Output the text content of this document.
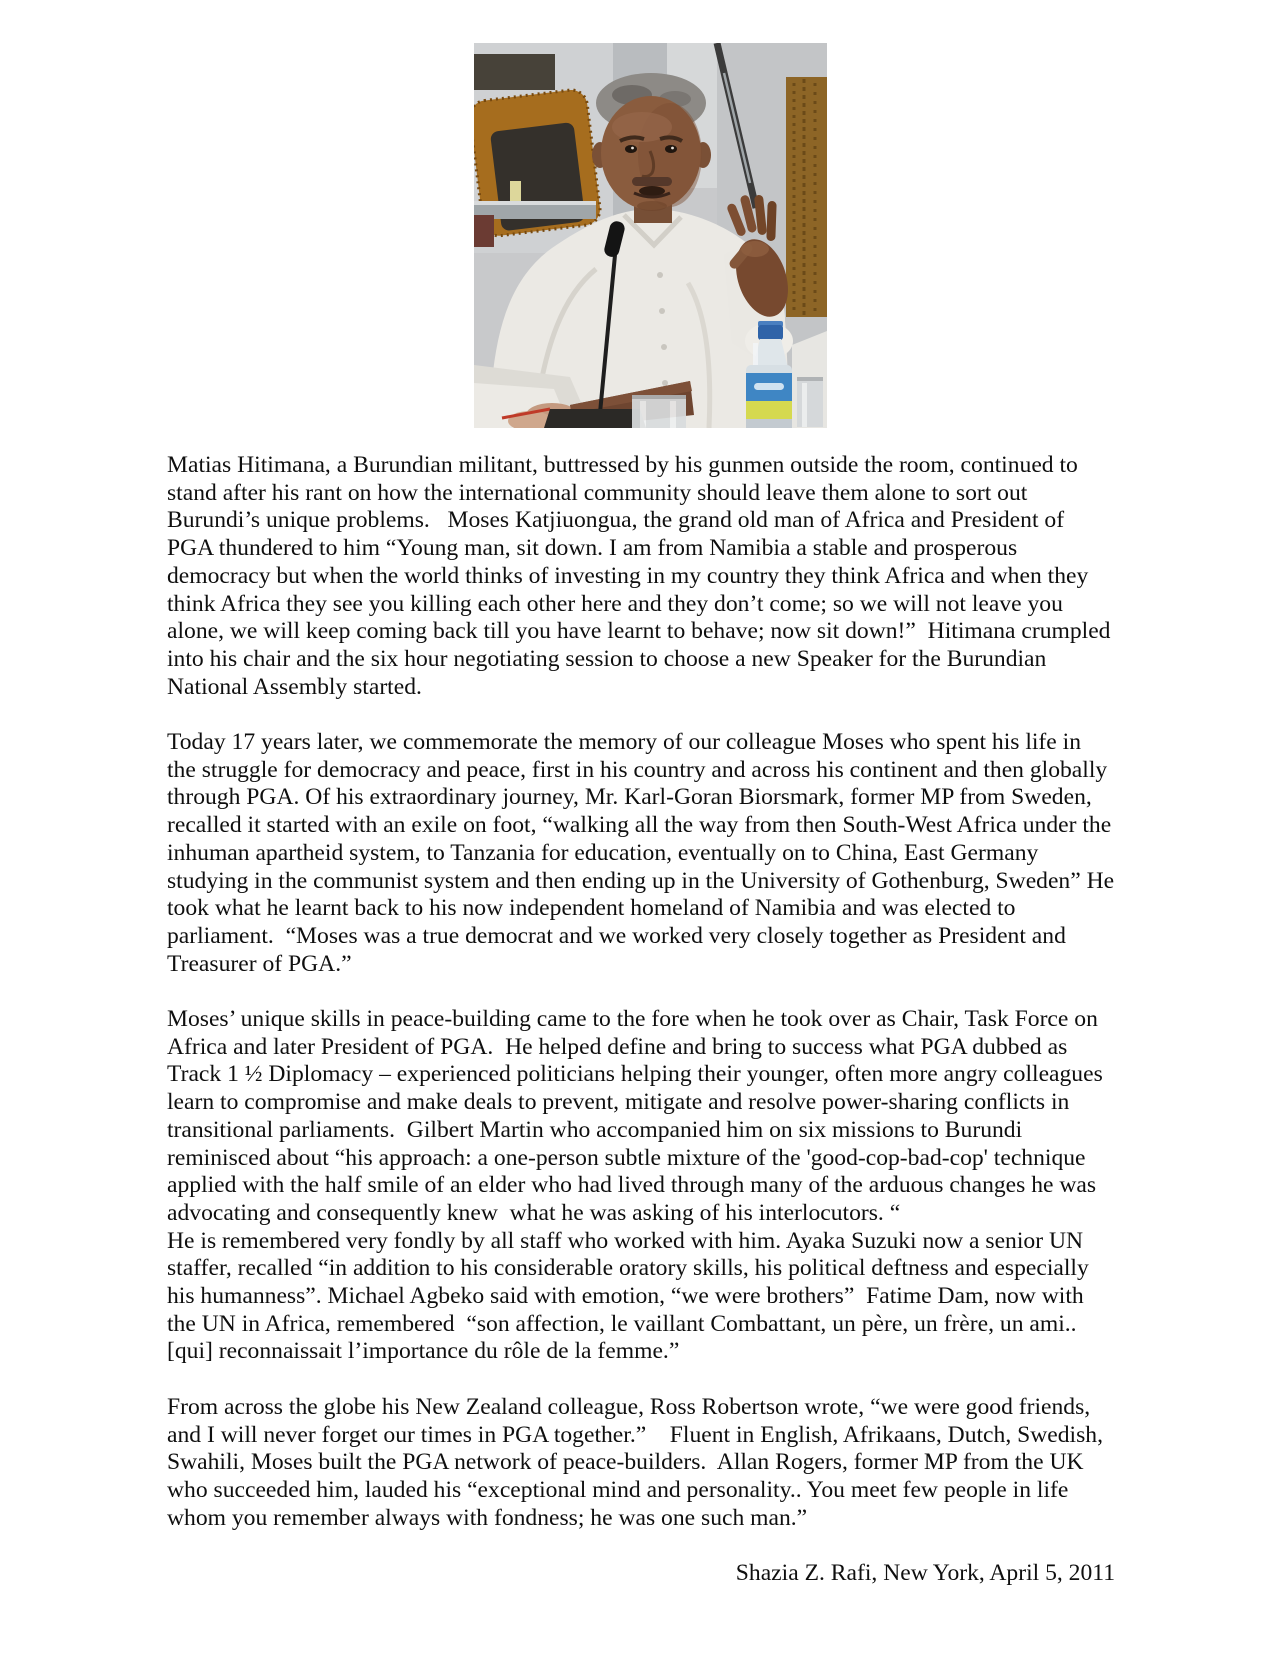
Matias Hitimana, a Burundian militant, buttressed by his gunmen outside the room, continued to stand after his rant on how the international community should leave them alone to sort out Burundi’s unique problems.   Moses Katjiuongua, the grand old man of Africa and President of PGA thundered to him “Young man, sit down. I am from Namibia a stable and prosperous democracy but when the world thinks of investing in my country they think Africa and when they think Africa they see you killing each other here and they don’t come; so we will not leave you alone, we will keep coming back till you have learnt to behave; now sit down!”  Hitimana crumpled into his chair and the six hour negotiating session to choose a new Speaker for the Burundian National Assembly started.

Today 17 years later, we commemorate the memory of our colleague Moses who spent his life in the struggle for democracy and peace, first in his country and across his continent and then globally through PGA. Of his extraordinary journey, Mr. Karl-Goran Biorsmark, former MP from Sweden, recalled it started with an exile on foot, “walking all the way from then South-West Africa under the inhuman apartheid system, to Tanzania for education, eventually on to China, East Germany studying in the communist system and then ending up in the University of Gothenburg, Sweden” He took what he learnt back to his now independent homeland of Namibia and was elected to parliament.  “Moses was a true democrat and we worked very closely together as President and Treasurer of PGA.”

Moses’ unique skills in peace-building came to the fore when he took over as Chair, Task Force on Africa and later President of PGA.  He helped define and bring to success what PGA dubbed as Track 1 ½ Diplomacy – experienced politicians helping their younger, often more angry colleagues learn to compromise and make deals to prevent, mitigate and resolve power-sharing conflicts in transitional parliaments.  Gilbert Martin who accompanied him on six missions to Burundi reminisced about “his approach: a one-person subtle mixture of the 'good-cop-bad-cop' technique applied with the half smile of an elder who had lived through many of the arduous changes he was advocating and consequently knew  what he was asking of his interlocutors. “

He is remembered very fondly by all staff who worked with him. Ayaka Suzuki now a senior UN staffer, recalled “in addition to his considerable oratory skills, his political deftness and especially his humanness”. Michael Agbeko said with emotion, “we were brothers”  Fatime Dam, now with the UN in Africa, remembered  “son affection, le vaillant Combattant, un père, un frère, un ami.. [qui] reconnaissait l’importance du rôle de la femme.”

From across the globe his New Zealand colleague, Ross Robertson wrote, “we were good friends, and I will never forget our times in PGA together.”    Fluent in English, Afrikaans, Dutch, Swedish, Swahili, Moses built the PGA network of peace-builders.  Allan Rogers, former MP from the UK who succeeded him, lauded his “exceptional mind and personality.. You meet few people in life whom you remember always with fondness; he was one such man.”

Shazia Z. Rafi, New York, April 5, 2011
